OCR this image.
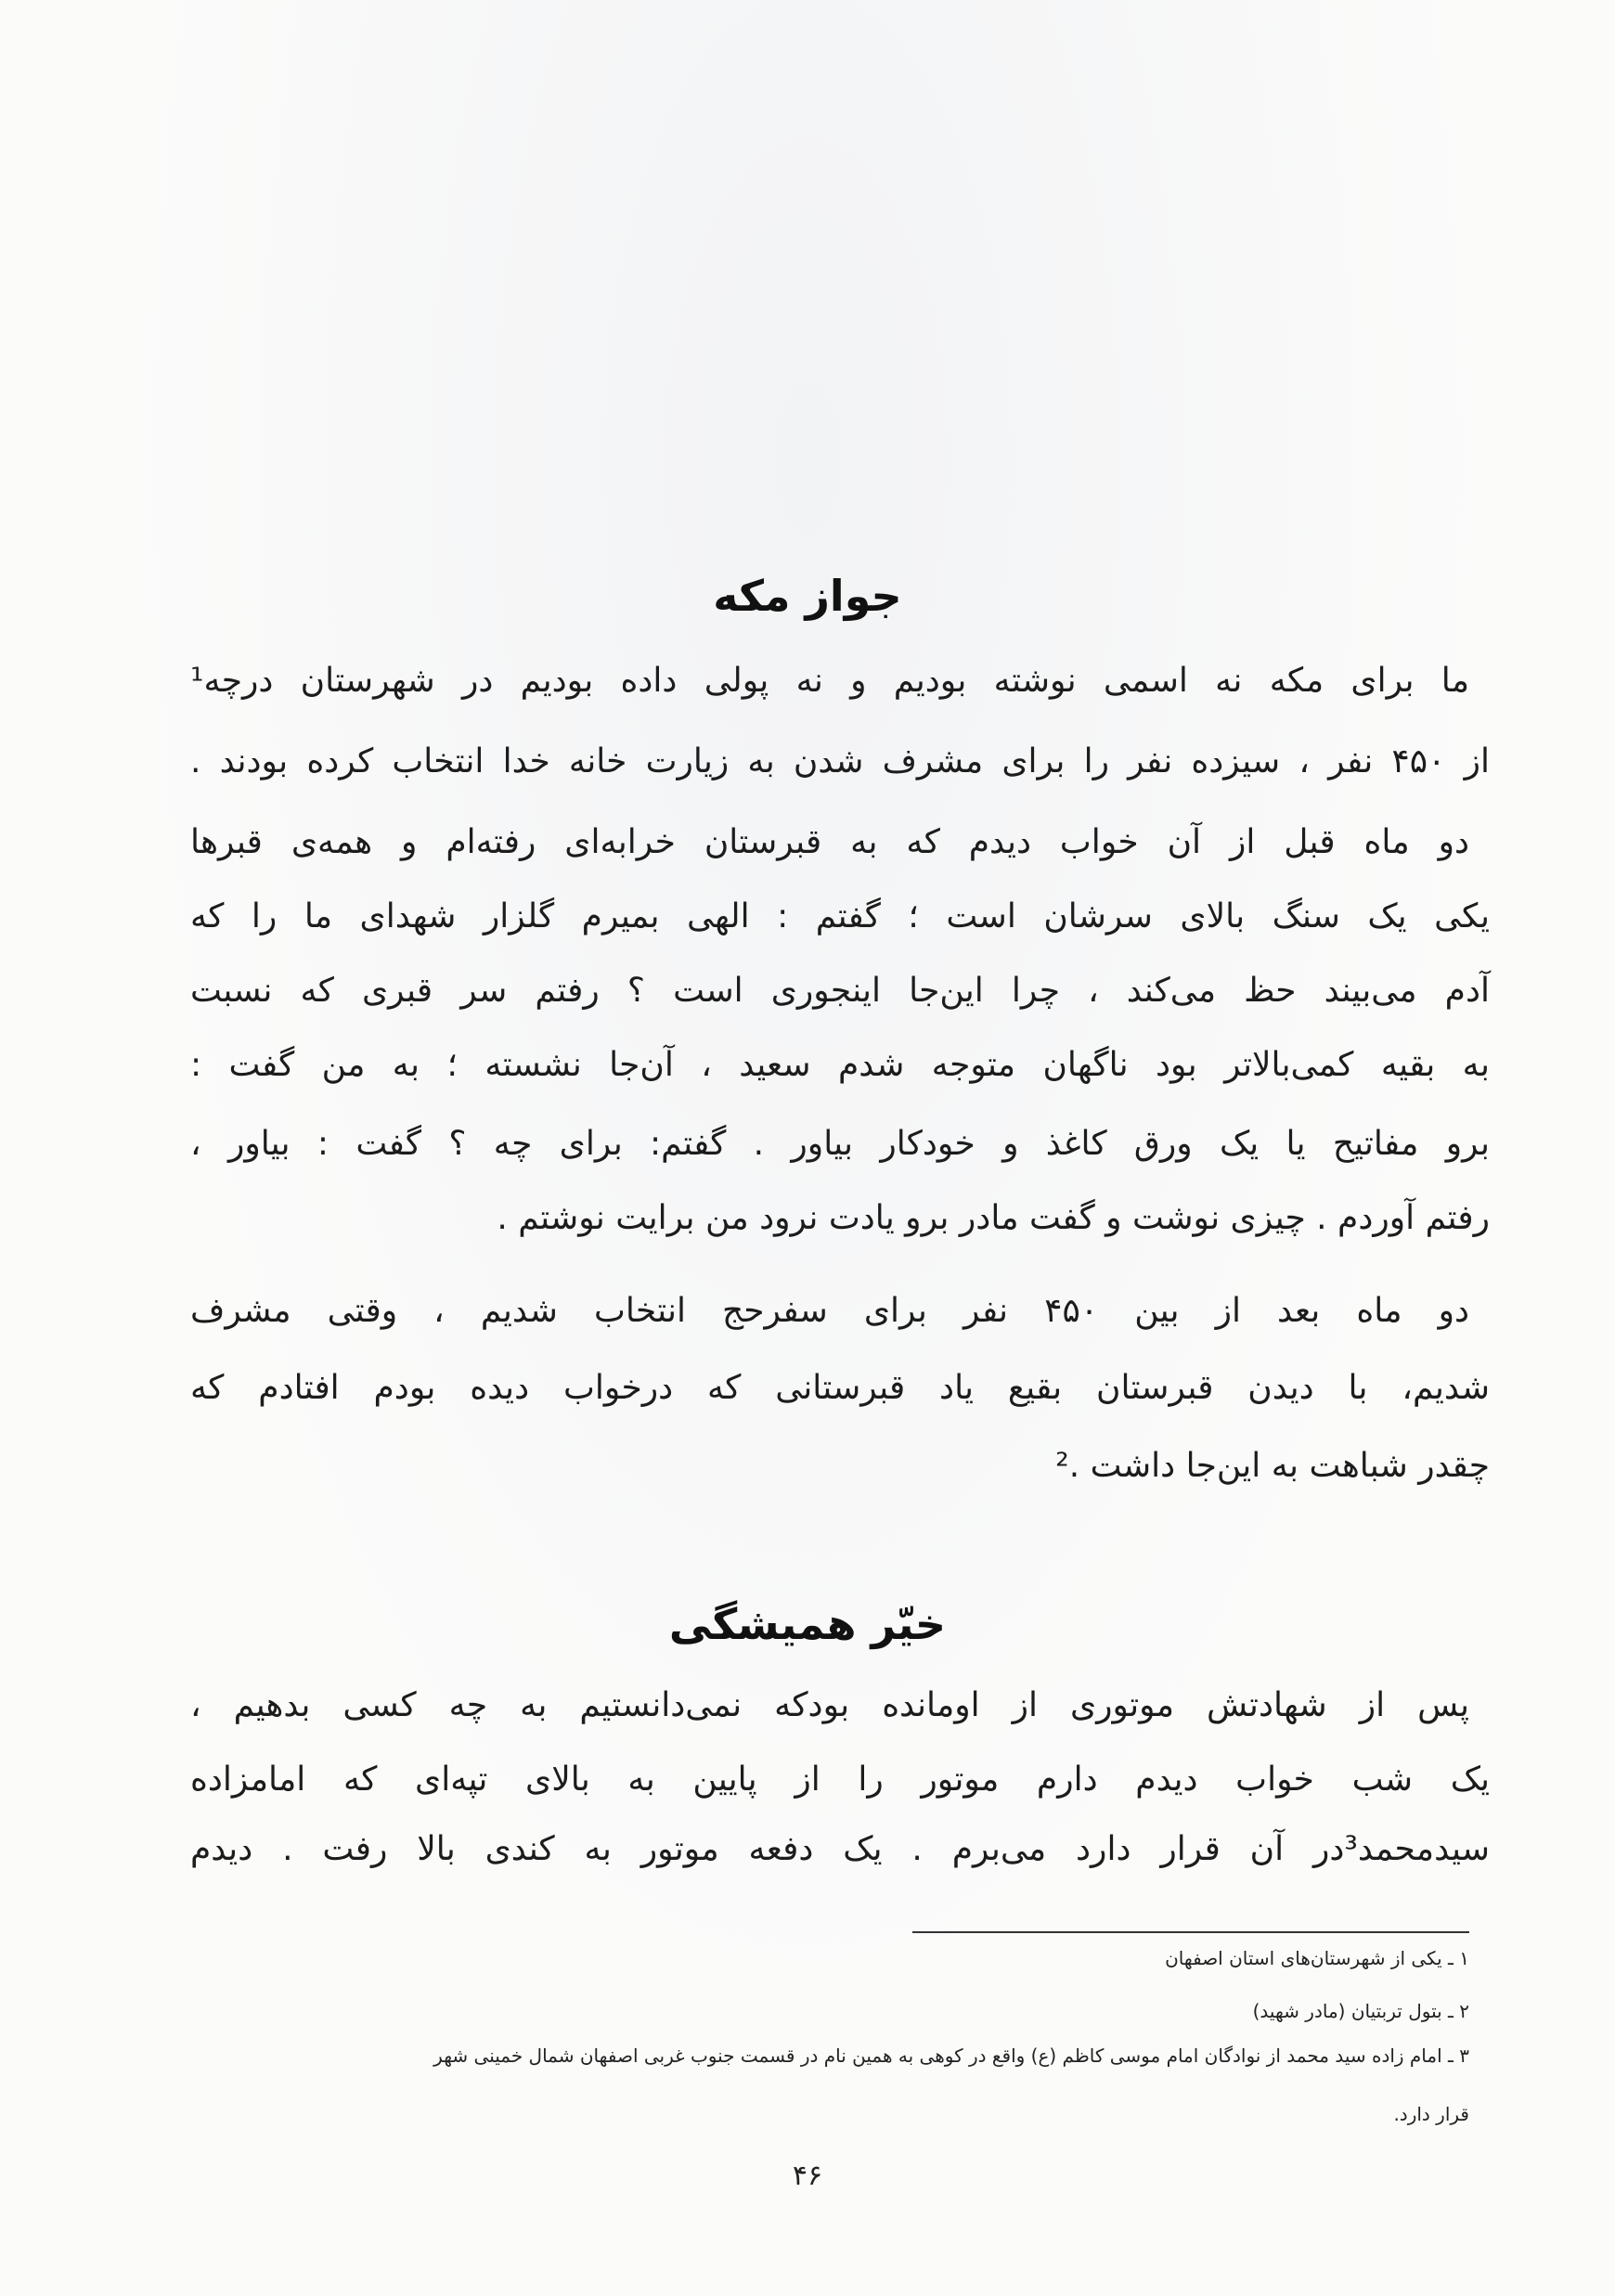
جواز مکه
ما برای مکه نه اسمی نوشته بودیم و نه پولی داده بودیم در شهرستان درچه¹
از ۴۵۰ نفر ، سیزده نفر را برای مشرف شدن به زیارت خانه خدا انتخاب کرده بودند .
دو ماه قبل از آن خواب دیدم که به قبرستان خرابه‌ای رفته‌ام و همه‌ی قبرها
یکی یک سنگ بالای سرشان است ؛ گفتم : الهی بمیرم گلزار شهدای ما را که
آدم می‌بیند حظ می‌کند ، چرا این‌جا اینجوری است ؟ رفتم سر قبری که نسبت
به بقیه کمی‌بالاتر بود ناگهان متوجه شدم سعید ، آن‌جا نشسته ؛ به من گفت :
برو مفاتیح یا یک ورق کاغذ و خودکار بیاور . گفتم: برای چه ؟ گفت : بیاور ،
رفتم آوردم . چیزی نوشت و گفت مادر برو یادت نرود من برایت نوشتم .
دو ماه بعد از بین ۴۵۰ نفر برای سفرحج انتخاب شدیم ، وقتی مشرف
شدیم، با دیدن قبرستان بقیع یاد قبرستانی که درخواب دیده بودم افتادم که
چقدر شباهت به این‌جا داشت .²
خیّر همیشگی
پس از شهادتش موتوری از اومانده بودکه نمی‌دانستیم به چه کسی بدهیم ،
یک شب خواب دیدم دارم موتور را از پایین به بالای تپه‌ای که امامزاده
سیدمحمد³در آن قرار دارد می‌برم . یک دفعه موتور به کندی بالا رفت . دیدم
۱ ـ یکی از شهرستان‌های استان اصفهان
۲ ـ بتول تربتیان (مادر شهید)
۳ ـ امام زاده سید محمد از نوادگان امام موسی کاظم (ع) واقع در کوهی به همین نام در قسمت جنوب غربی اصفهان شمال خمینی شهر
قرار دارد.
۴۶
